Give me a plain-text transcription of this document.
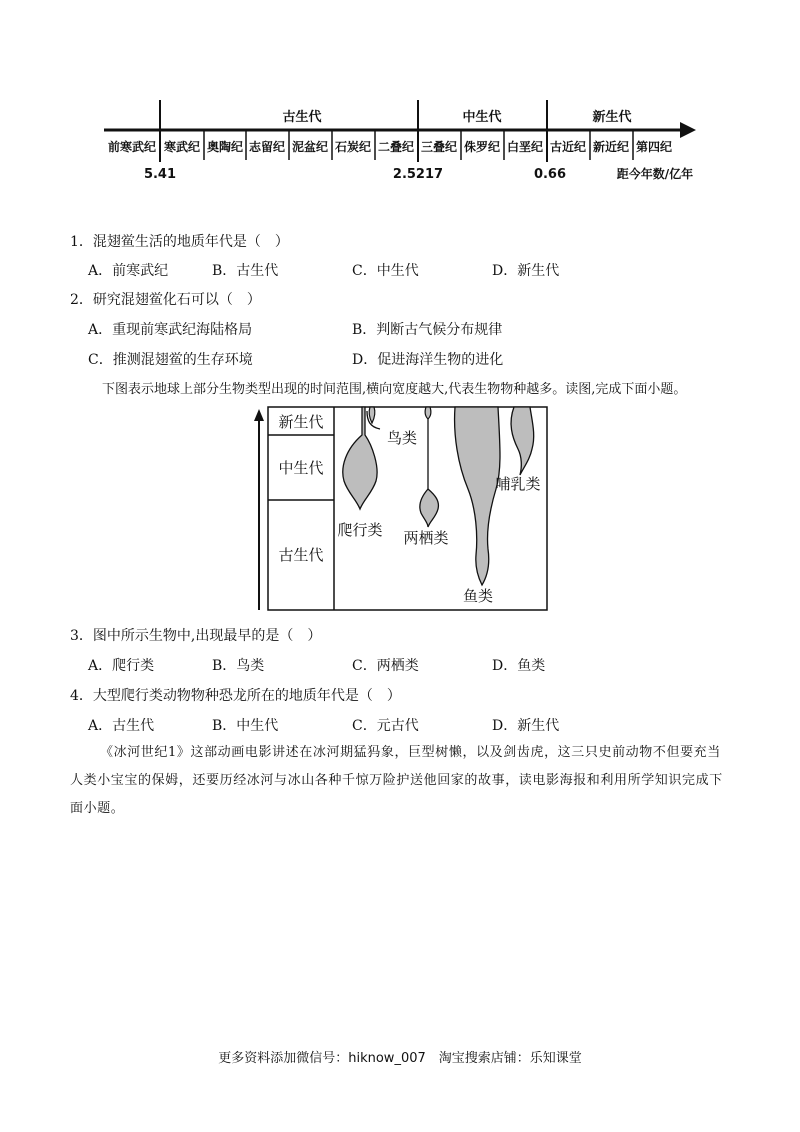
古生代	中生代	新生代
前寒武纪 寒武纪 奥陶纪 志留纪 泥盆纪 石炭纪 二叠纪 三叠纪 侏罗纪 白垩纪 古近纪 新近纪 第四纪
5.41	2.5217	0.66	距今年数/亿年
1．混翅鲎生活的地质年代是（　）
A．前寒武纪	B．古生代	C．中生代	D．新生代
2．研究混翅鲎化石可以（　）
A．重现前寒武纪海陆格局	B．判断古气候分布规律
C．推测混翅鲎的生存环境	D．促进海洋生物的进化
下图表示地球上部分生物类型出现的时间范围,横向宽度越大,代表生物物种越多。读图,完成下面小题。
新生代
中生代
古生代
鸟类
哺乳类
爬行类 两栖类
鱼类
3．图中所示生物中,出现最早的是（　）
A．爬行类	B．鸟类	C．两栖类	D．鱼类
4．大型爬行类动物物种恐龙所在的地质年代是（　）
A．古生代	B．中生代	C．元古代	D．新生代
《冰河世纪1》这部动画电影讲述在冰河期猛犸象，巨型树懒，以及剑齿虎，这三只史前动物不但要充当人类小宝宝的保姆，还要历经冰河与冰山各种千惊万险护送他回家的故事，读电影海报和利用所学知识完成下面小题。
更多资料添加微信号：hiknow_007　淘宝搜索店铺：乐知课堂
